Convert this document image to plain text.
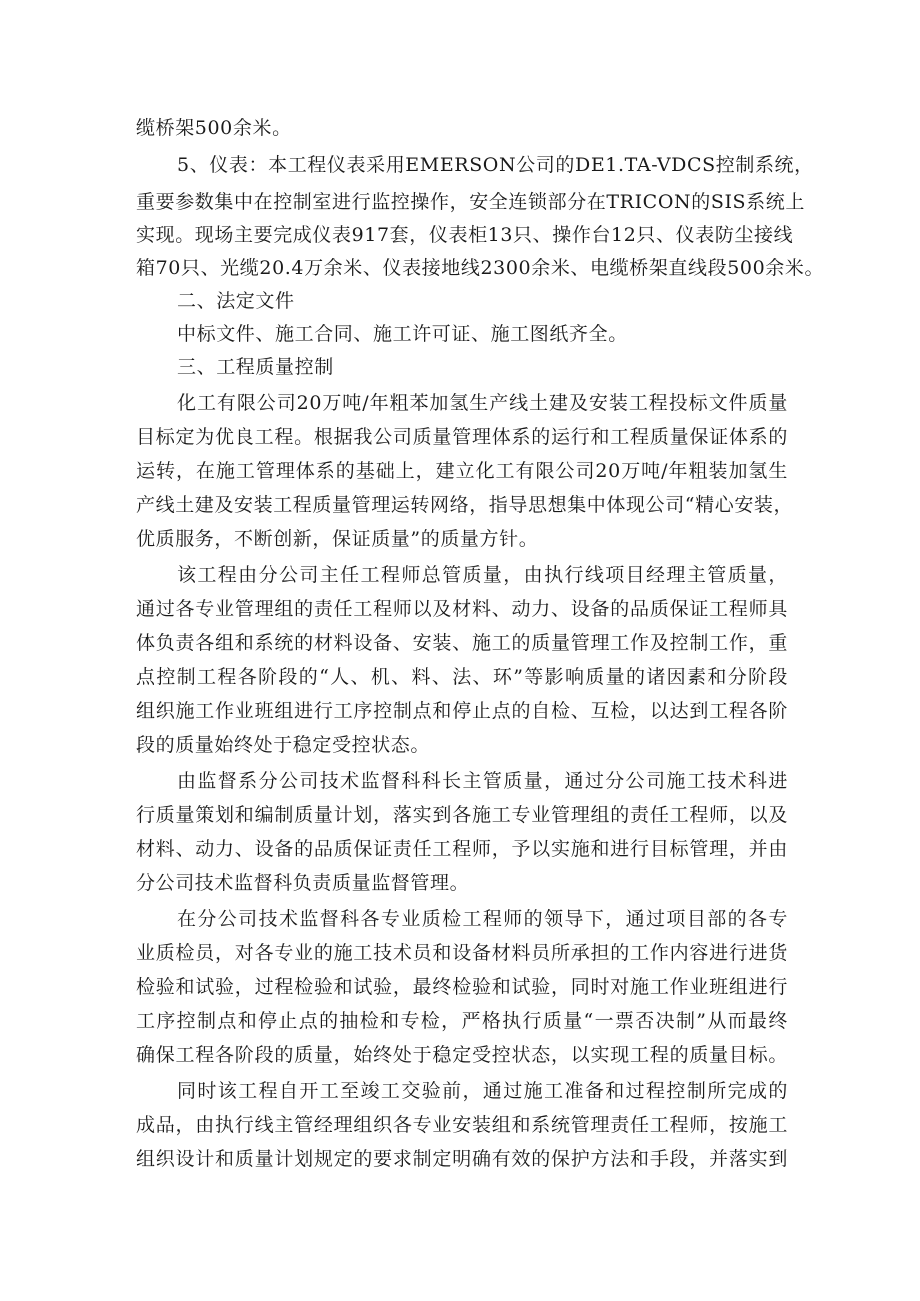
缆桥架500余米。

5、仪表：本工程仪表采用EMERSON公司的DE1.TA-VDCS控制系统，

重要参数集中在控制室进行监控操作，安全连锁部分在TRICON的SIS系统上

实现。现场主要完成仪表917套，仪表柜13只、操作台12只、仪表防尘接线

箱70只、光缆20.4万余米、仪表接地线2300余米、电缆桥架直线段500余米。

二、法定文件

中标文件、施工合同、施工许可证、施工图纸齐全。

三、工程质量控制

化工有限公司20万吨/年粗苯加氢生产线土建及安装工程投标文件质量

目标定为优良工程。根据我公司质量管理体系的运行和工程质量保证体系的

运转，在施工管理体系的基础上，建立化工有限公司20万吨/年粗装加氢生

产线土建及安装工程质量管理运转网络，指导思想集中体现公司“精心安装，

优质服务，不断创新，保证质量”的质量方针。

该工程由分公司主任工程师总管质量，由执行线项目经理主管质量，

通过各专业管理组的责任工程师以及材料、动力、设备的品质保证工程师具

体负责各组和系统的材料设备、安装、施工的质量管理工作及控制工作，重

点控制工程各阶段的“人、机、料、法、环”等影响质量的诸因素和分阶段

组织施工作业班组进行工序控制点和停止点的自检、互检，以达到工程各阶

段的质量始终处于稳定受控状态。

由监督系分公司技术监督科科长主管质量，通过分公司施工技术科进

行质量策划和编制质量计划，落实到各施工专业管理组的责任工程师，以及

材料、动力、设备的品质保证责任工程师，予以实施和进行目标管理，并由

分公司技术监督科负责质量监督管理。

在分公司技术监督科各专业质检工程师的领导下，通过项目部的各专

业质检员，对各专业的施工技术员和设备材料员所承担的工作内容进行进货

检验和试验，过程检验和试验，最终检验和试验，同时对施工作业班组进行

工序控制点和停止点的抽检和专检，严格执行质量“一票否决制”从而最终

确保工程各阶段的质量，始终处于稳定受控状态，以实现工程的质量目标。

同时该工程自开工至竣工交验前，通过施工准备和过程控制所完成的

成品，由执行线主管经理组织各专业安装组和系统管理责任工程师，按施工

组织设计和质量计划规定的要求制定明确有效的保护方法和手段，并落实到
